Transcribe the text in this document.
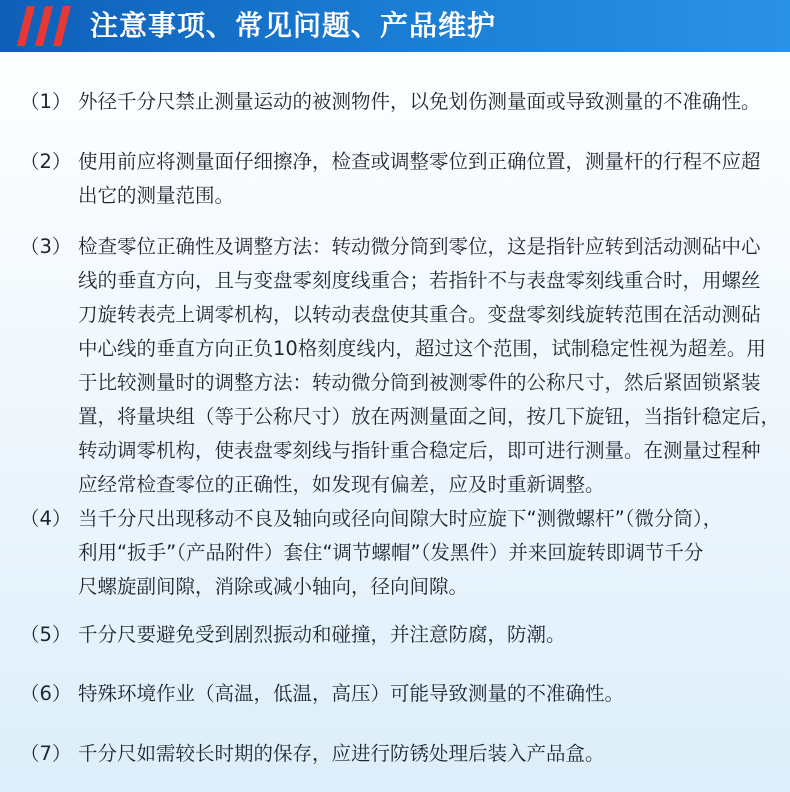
注意事项、常见问题、产品维护
（1） 外径千分尺禁止测量运动的被测物件，以免划伤测量面或导致测量的不准确性。
（2） 使用前应将测量面仔细擦净，检查或调整零位到正确位置，测量杆的行程不应超
出它的测量范围。
（3） 检查零位正确性及调整方法：转动微分筒到零位，这是指针应转到活动测砧中心
线的垂直方向，且与变盘零刻度线重合；若指针不与表盘零刻线重合时，用螺丝
刀旋转表壳上调零机构，以转动表盘使其重合。变盘零刻线旋转范围在活动测砧
中心线的垂直方向正负10格刻度线内，超过这个范围，试制稳定性视为超差。用
于比较测量时的调整方法：转动微分筒到被测零件的公称尺寸，然后紧固锁紧装
置，将量块组（等于公称尺寸）放在两测量面之间，按几下旋钮，当指针稳定后，
转动调零机构，使表盘零刻线与指针重合稳定后，即可进行测量。在测量过程种
应经常检查零位的正确性，如发现有偏差，应及时重新调整。
（4） 当千分尺出现移动不良及轴向或径向间隙大时应旋下“测微螺杆”（微分筒），
利用“扳手”（产品附件）套住“调节螺帽”（发黑件）并来回旋转即调节千分
尺螺旋副间隙，消除或减小轴向，径向间隙。
（5） 千分尺要避免受到剧烈振动和碰撞，并注意防腐，防潮。
（6） 特殊环境作业（高温，低温，高压）可能导致测量的不准确性。
（7） 千分尺如需较长时期的保存，应进行防锈处理后装入产品盒。
